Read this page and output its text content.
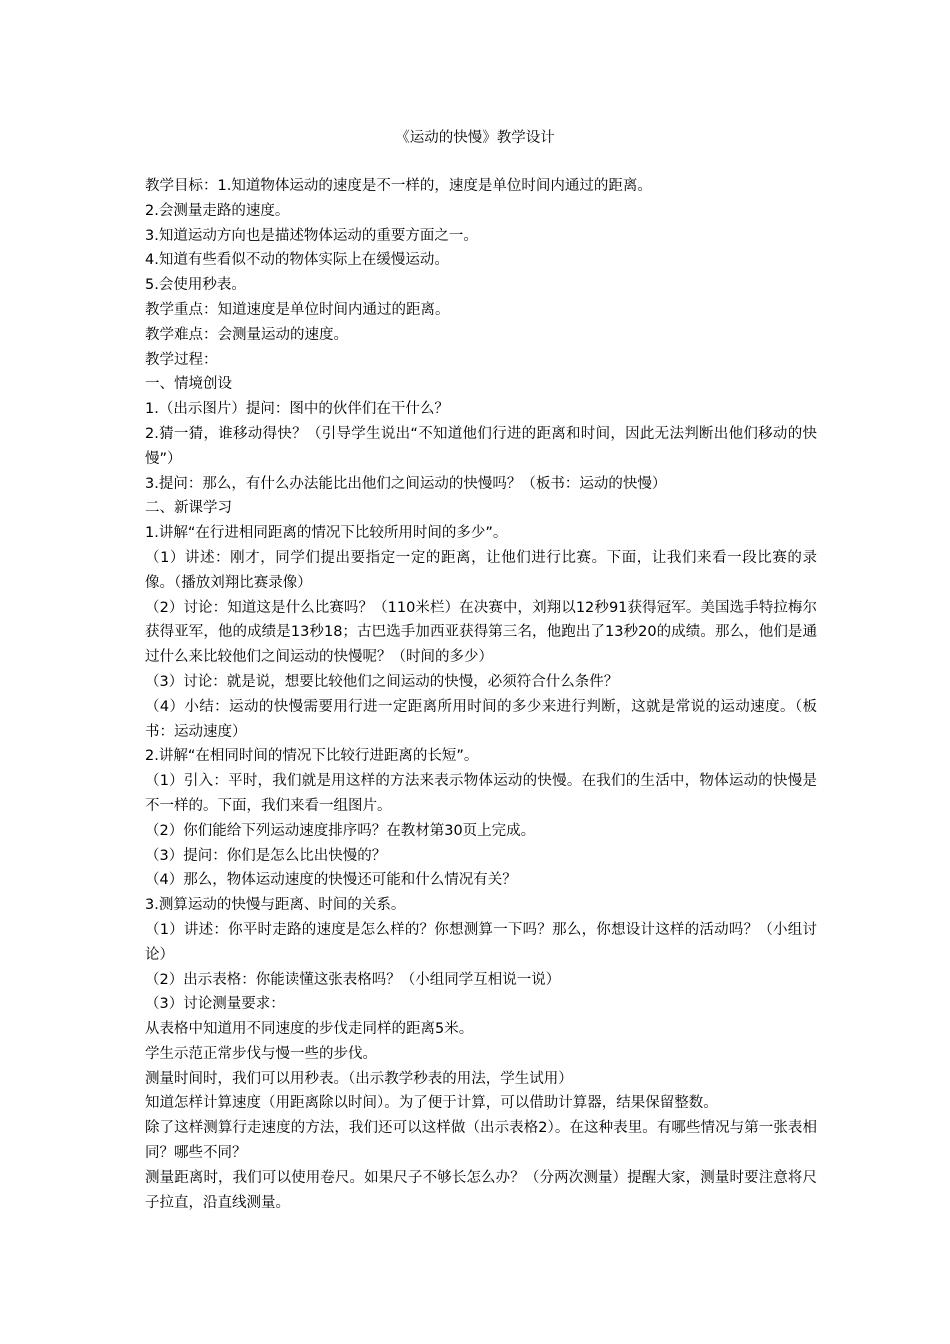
《运动的快慢》教学设计

教学目标：1.知道物体运动的速度是不一样的，速度是单位时间内通过的距离。

2.会测量走路的速度。

3.知道运动方向也是描述物体运动的重要方面之一。

4.知道有些看似不动的物体实际上在缓慢运动。

5.会使用秒表。

教学重点：知道速度是单位时间内通过的距离。

教学难点：会测量运动的速度。

教学过程：

一、情境创设

1.（出示图片）提问：图中的伙伴们在干什么？

2.猜一猜，谁移动得快？（引导学生说出“不知道他们行进的距离和时间，因此无法判断出他们移动的快慢”）

3.提问：那么，有什么办法能比出他们之间运动的快慢吗？（板书：运动的快慢）

二、新课学习

1.讲解“在行进相同距离的情况下比较所用时间的多少”。

（1）讲述：刚才，同学们提出要指定一定的距离，让他们进行比赛。下面，让我们来看一段比赛的录像。（播放刘翔比赛录像）

（2）讨论：知道这是什么比赛吗？（110米栏）在决赛中，刘翔以12秒91获得冠军。美国选手特拉梅尔获得亚军，他的成绩是13秒18；古巴选手加西亚获得第三名，他跑出了13秒20的成绩。那么，他们是通过什么来比较他们之间运动的快慢呢？（时间的多少）

（3）讨论：就是说，想要比较他们之间运动的快慢，必须符合什么条件？

（4）小结：运动的快慢需要用行进一定距离所用时间的多少来进行判断，这就是常说的运动速度。（板书：运动速度）

2.讲解“在相同时间的情况下比较行进距离的长短”。

（1）引入：平时，我们就是用这样的方法来表示物体运动的快慢。在我们的生活中，物体运动的快慢是不一样的。下面，我们来看一组图片。

（2）你们能给下列运动速度排序吗？在教材第30页上完成。

（3）提问：你们是怎么比出快慢的？

（4）那么，物体运动速度的快慢还可能和什么情况有关？

3.测算运动的快慢与距离、时间的关系。

（1）讲述：你平时走路的速度是怎么样的？你想测算一下吗？那么，你想设计这样的活动吗？（小组讨论）

（2）出示表格：你能读懂这张表格吗？（小组同学互相说一说）

（3）讨论测量要求：

从表格中知道用不同速度的步伐走同样的距离5米。

学生示范正常步伐与慢一些的步伐。

测量时间时，我们可以用秒表。（出示教学秒表的用法，学生试用）

知道怎样计算速度（用距离除以时间）。为了便于计算，可以借助计算器，结果保留整数。

除了这样测算行走速度的方法，我们还可以这样做（出示表格2）。在这种表里。有哪些情况与第一张表相同？哪些不同？

测量距离时，我们可以使用卷尺。如果尺子不够长怎么办？（分两次测量）提醒大家，测量时要注意将尺子拉直，沿直线测量。
